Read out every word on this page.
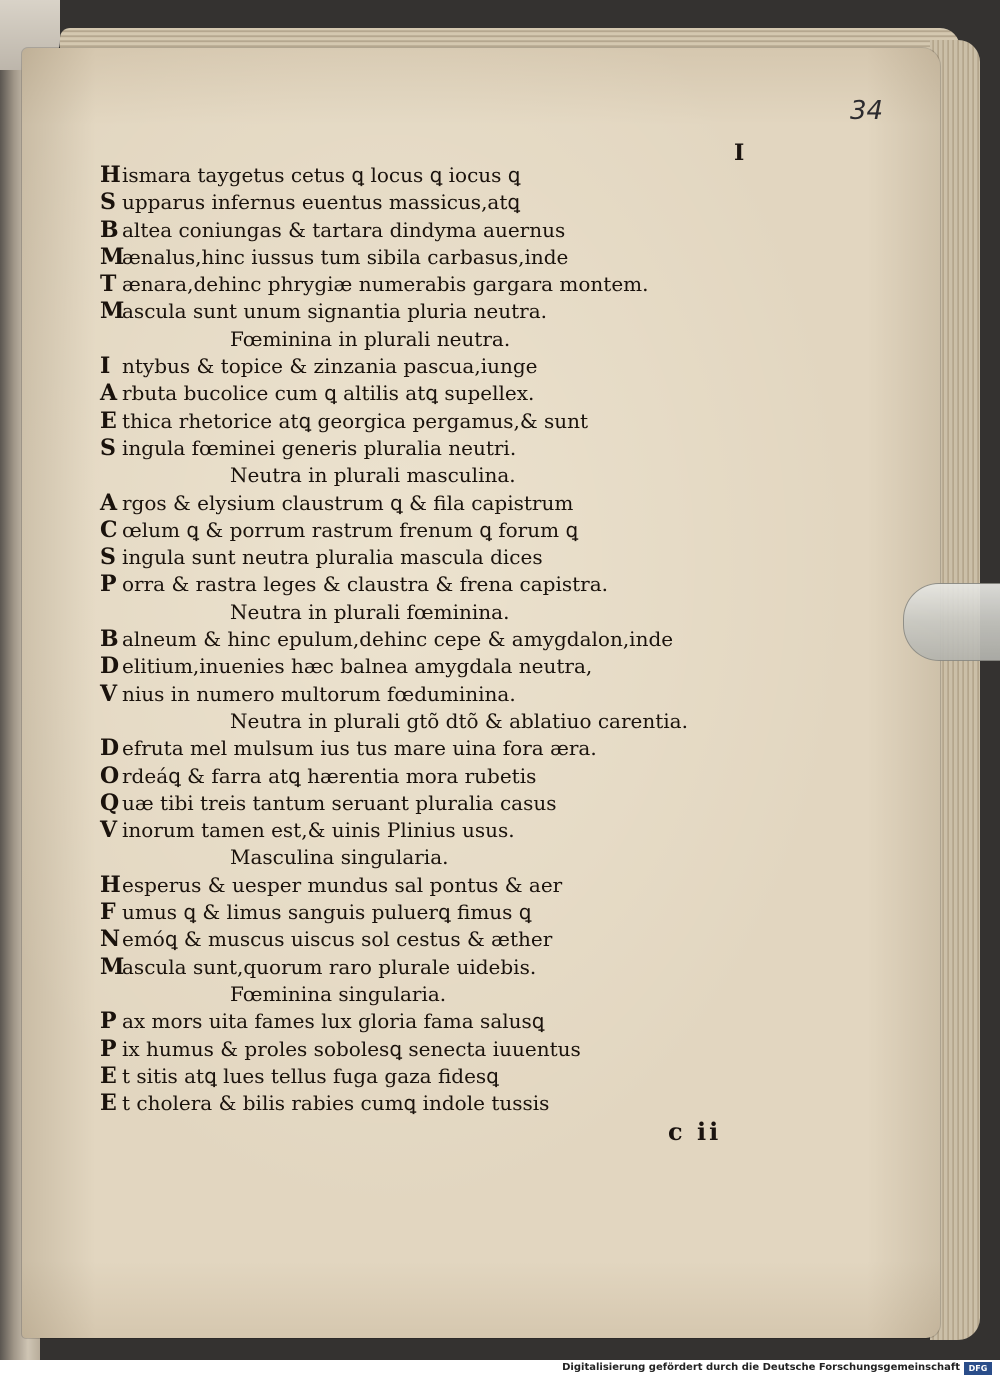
34
I
Hismara taygetus cetus ꝗ locus ꝗ iocus ꝗ
S upparus infernus euentus massicus,atꝗ
B altea coniungas & tartara dindyma auernus
Mænalus,hinc iussus tum sibila carbasus,inde
T ænara,dehinc phrygiæ numerabis gargara montem.
Mascula sunt unum signantia pluria neutra.
Fœminina in plurali neutra.
I ntybus & topice & zinzania pascua,iunge
A rbuta bucolice cum ꝗ altilis atꝗ supellex.
E thica rhetorice atꝗ georgica pergamus,& sunt
S ingula fœminei generis pluralia neutri.
Neutra in plurali masculina.
A rgos & elysium claustrum ꝗ & fila capistrum
C œlum ꝗ & porrum rastrum frenum ꝗ forum ꝗ
S ingula sunt neutra pluralia mascula dices
P orra & rastra leges & claustra & frena capistra.
Neutra in plurali fœminina.
B alneum & hinc epulum,dehinc cepe & amygdalon,inde
D elitium,inuenies hæc balnea amygdala neutra,
V nius in numero multorum fœduminina.
Neutra in plurali gtõ dtõ & ablatiuo carentia.
D efruta mel mulsum ius tus mare uina fora æra.
O rdeáꝗ & farra atꝗ hærentia mora rubetis
Q uæ tibi treis tantum seruant pluralia casus
V inorum tamen est,& uinis Plinius usus.
Masculina singularia.
Hesperus & uesper mundus sal pontus & aer
F umus ꝗ & limus sanguis puluerꝗ fimus ꝗ
Nemóꝗ & muscus uiscus sol cestus & æther
Mascula sunt,quorum raro plurale uidebis.
Fœminina singularia.
P ax mors uita fames lux gloria fama salusꝗ
P ix humus & proles sobolesꝗ senecta iuuentus
E t sitis atꝗ lues tellus fuga gaza fidesꝗ
E t cholera & bilis rabies cumꝗ indole tussis
c ii
Digitalisierung gefördert durch die Deutsche Forschungsgemeinschaft	DFG
